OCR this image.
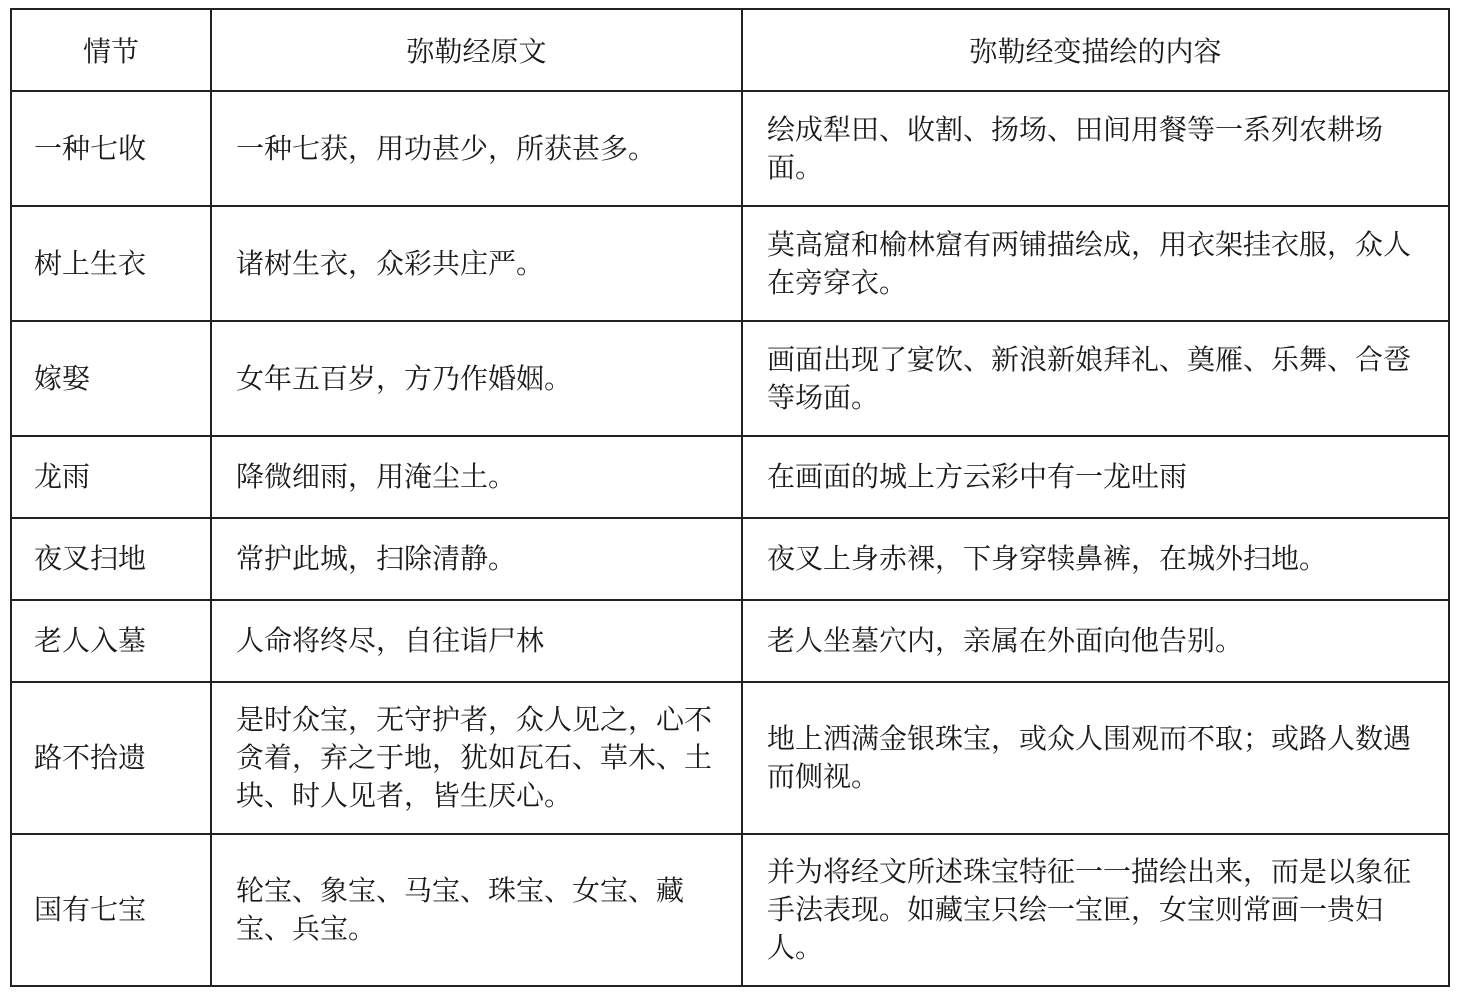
情节	弥勒经原文	弥勒经变描绘的内容

一种七收	一种七获，用功甚少，所获甚多。	绘成犁田、收割、扬场、田间用餐等一系列农耕场面。

树上生衣	诸树生衣，众彩共庄严。	莫高窟和榆林窟有两铺描绘成，用衣架挂衣服，众人在旁穿衣。

嫁娶	女年五百岁，方乃作婚姻。	画面出现了宴饮、新浪新娘拜礼、奠雁、乐舞、合卺等场面。

龙雨	降微细雨，用淹尘土。	在画面的城上方云彩中有一龙吐雨

夜叉扫地	常护此城，扫除清静。	夜叉上身赤裸，下身穿犊鼻裤，在城外扫地。

老人入墓	人命将终尽，自往诣尸林	老人坐墓穴内，亲属在外面向他告别。

路不拾遗	是时众宝，无守护者，众人见之，心不贪着，弃之于地，犹如瓦石、草木、土块、时人见者，皆生厌心。	地上洒满金银珠宝，或众人围观而不取；或路人数遇而侧视。

国有七宝	轮宝、象宝、马宝、珠宝、女宝、藏宝、兵宝。	并为将经文所述珠宝特征一一描绘出来，而是以象征手法表现。如藏宝只绘一宝匣，女宝则常画一贵妇人。
